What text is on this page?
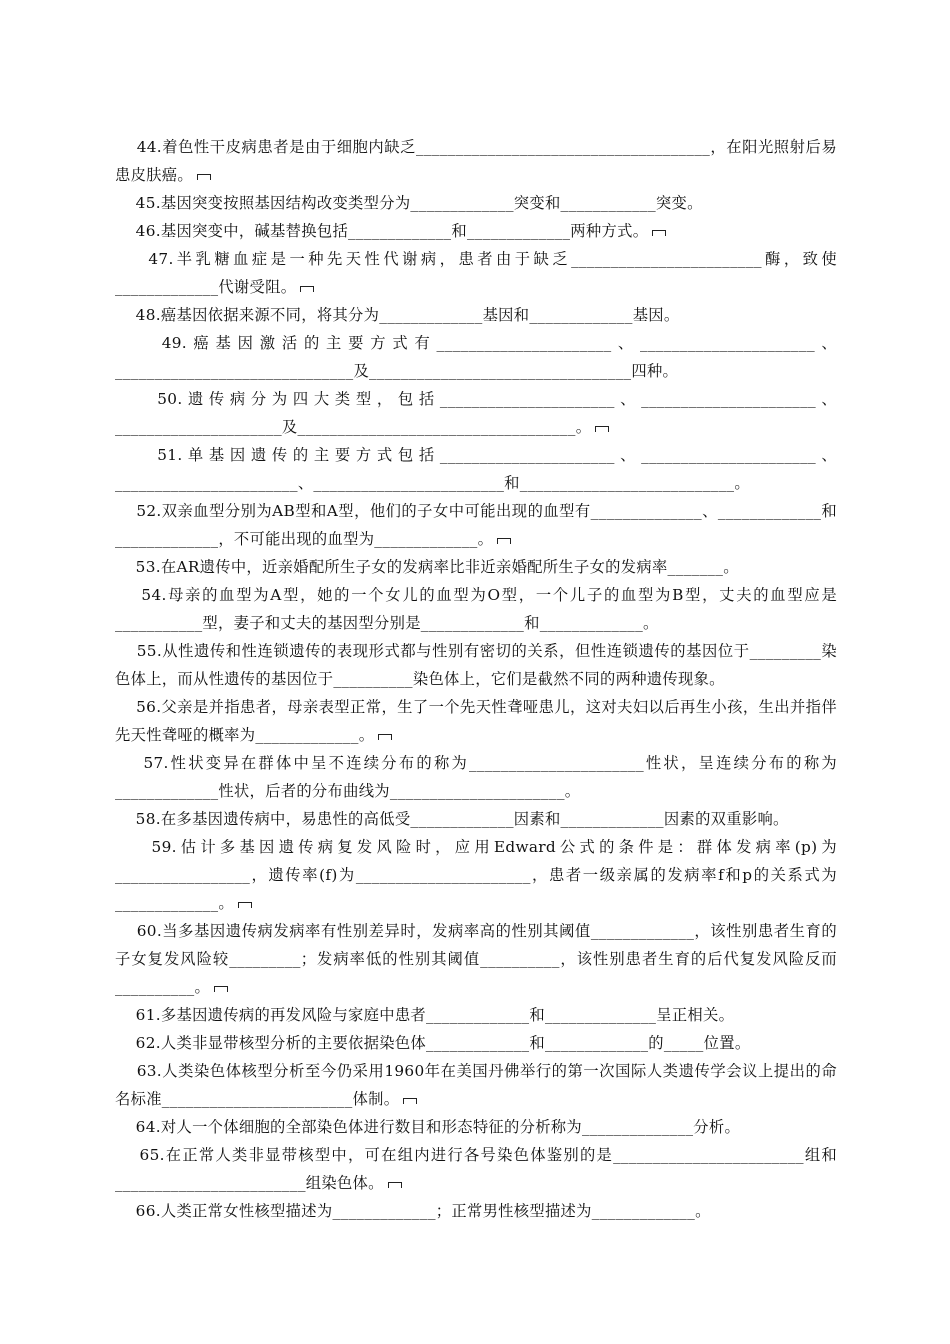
44.着色性干皮病患者是由于细胞内缺乏_____________________________________，在阳光照射后易患皮肤癌。

45.基因突变按照基因结构改变类型分为_____________突变和____________突变。

46.基因突变中，碱基替换包括_____________和_____________两种方式。

47.半乳糖血症是一种先天性代谢病，患者由于缺乏________________________酶，致使_____________代谢受阻。

48.癌基因依据来源不同，将其分为_____________基因和_____________基因。

49.癌基因激活的主要方式有______________________、______________________、______________________________及_________________________________四种。

50.遗传病分为四大类型，包括______________________、______________________、_____________________及___________________________________。

51.单基因遗传的主要方式包括______________________、______________________、_______________________、________________________和___________________________。

52.双亲血型分别为AB型和A型，他们的子女中可能出现的血型有______________、_____________和_____________，不可能出现的血型为_____________。

53.在AR遗传中，近亲婚配所生子女的发病率比非近亲婚配所生子女的发病率_______。

54.母亲的血型为A型，她的一个女儿的血型为O型，一个儿子的血型为B型，丈夫的血型应是___________型，妻子和丈夫的基因型分别是_____________和_____________。

55.从性遗传和性连锁遗传的表现形式都与性别有密切的关系，但性连锁遗传的基因位于_________染色体上，而从性遗传的基因位于__________染色体上，它们是截然不同的两种遗传现象。

56.父亲是并指患者，母亲表型正常，生了一个先天性聋哑患儿，这对夫妇以后再生小孩，生出并指伴先天性聋哑的概率为_____________。

57.性状变异在群体中呈不连续分布的称为______________________性状，呈连续分布的称为_____________性状，后者的分布曲线为______________________。

58.在多基因遗传病中，易患性的高低受_____________因素和_____________因素的双重影响。

59.估计多基因遗传病复发风险时，应用Edward公式的条件是：群体发病率(p)为_________________，遗传率(f)为______________________，患者一级亲属的发病率f和p的关系式为_____________。

60.当多基因遗传病发病率有性别差异时，发病率高的性别其阈值_____________，该性别患者生育的子女复发风险较_________；发病率低的性别其阈值__________，该性别患者生育的后代复发风险反而__________。

61.多基因遗传病的再发风险与家庭中患者_____________和______________呈正相关。

62.人类非显带核型分析的主要依据染色体_____________和_____________的_____位置。

63.人类染色体核型分析至今仍采用1960年在美国丹佛举行的第一次国际人类遗传学会议上提出的命名标准________________________体制。

64.对人一个体细胞的全部染色体进行数目和形态特征的分析称为______________分析。

65.在正常人类非显带核型中，可在组内进行各号染色体鉴别的是________________________组和________________________组染色体。

66.人类正常女性核型描述为_____________；正常男性核型描述为_____________。
